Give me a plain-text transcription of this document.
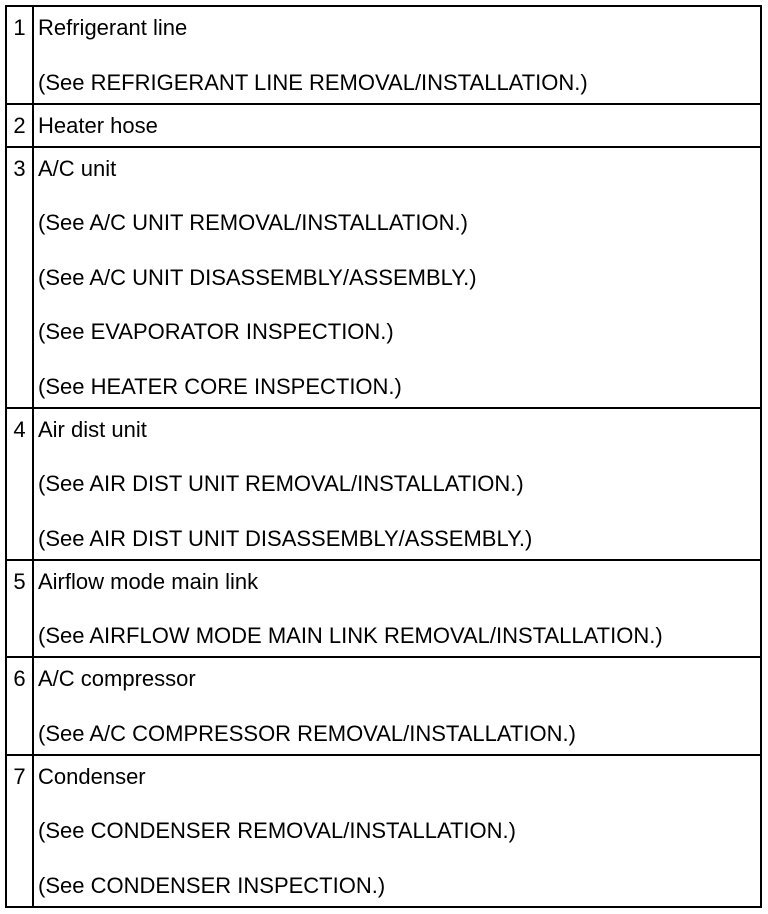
1	Refrigerant line
(See REFRIGERANT LINE REMOVAL/INSTALLATION.)

2	Heater hose

3	A/C unit
(See A/C UNIT REMOVAL/INSTALLATION.)
(See A/C UNIT DISASSEMBLY/ASSEMBLY.)
(See EVAPORATOR INSPECTION.)
(See HEATER CORE INSPECTION.)

4	Air dist unit
(See AIR DIST UNIT REMOVAL/INSTALLATION.)
(See AIR DIST UNIT DISASSEMBLY/ASSEMBLY.)

5	Airflow mode main link
(See AIRFLOW MODE MAIN LINK REMOVAL/INSTALLATION.)

6	A/C compressor
(See A/C COMPRESSOR REMOVAL/INSTALLATION.)

7	Condenser
(See CONDENSER REMOVAL/INSTALLATION.)
(See CONDENSER INSPECTION.)
